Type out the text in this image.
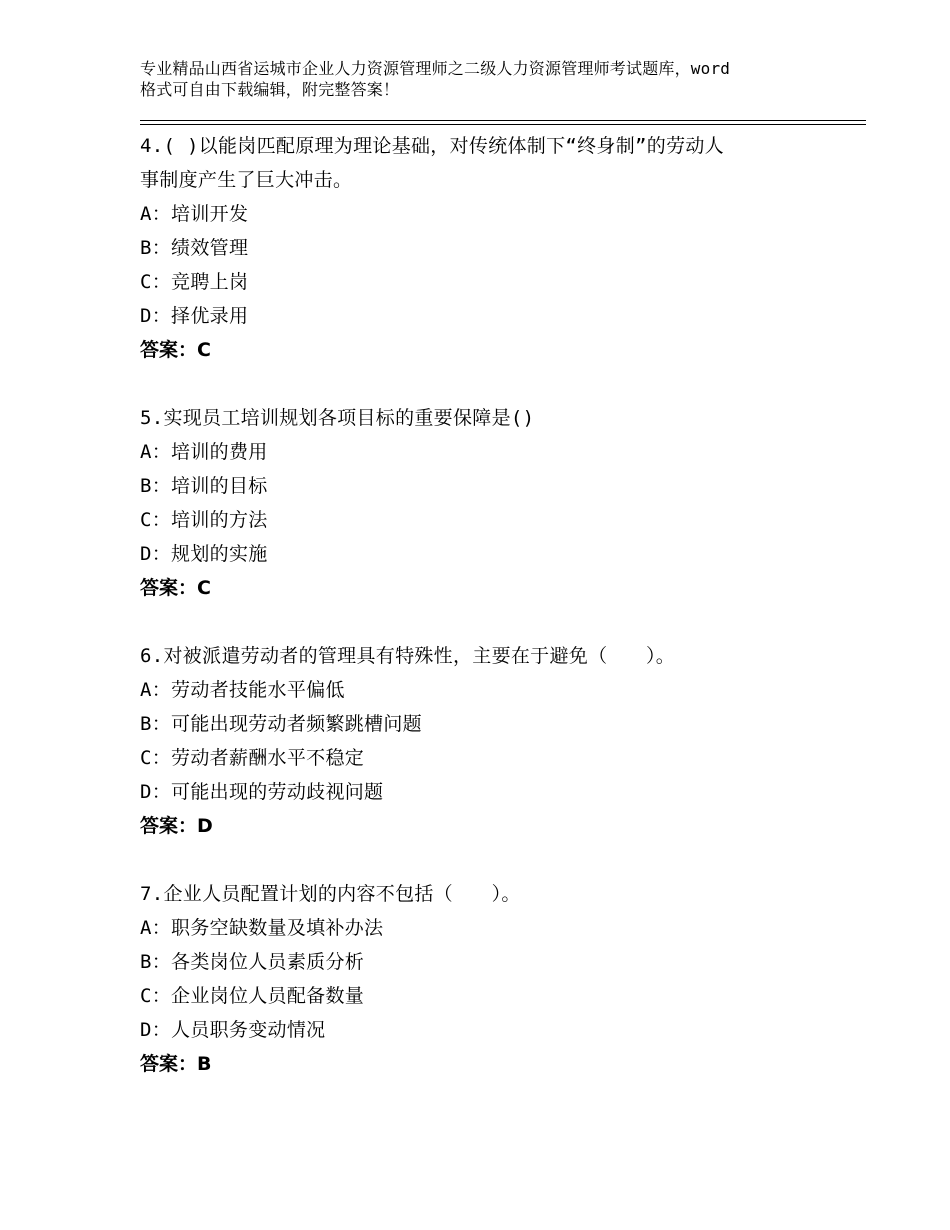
专业精品山西省运城市企业人力资源管理师之二级人力资源管理师考试题库，word
格式可自由下载编辑，附完整答案！
4.( )以能岗匹配原理为理论基础，对传统体制下“终身制”的劳动人
事制度产生了巨大冲击。
A：培训开发
B：绩效管理
C：竞聘上岗
D：择优录用
答案：C
5.实现员工培训规划各项目标的重要保障是()
A：培训的费用
B：培训的目标
C：培训的方法
D：规划的实施
答案：C
6.对被派遣劳动者的管理具有特殊性，主要在于避免（　　）。
A：劳动者技能水平偏低
B：可能出现劳动者频繁跳槽问题
C：劳动者薪酬水平不稳定
D：可能出现的劳动歧视问题
答案：D
7.企业人员配置计划的内容不包括（　　）。
A：职务空缺数量及填补办法
B：各类岗位人员素质分析
C：企业岗位人员配备数量
D：人员职务变动情况
答案：B
